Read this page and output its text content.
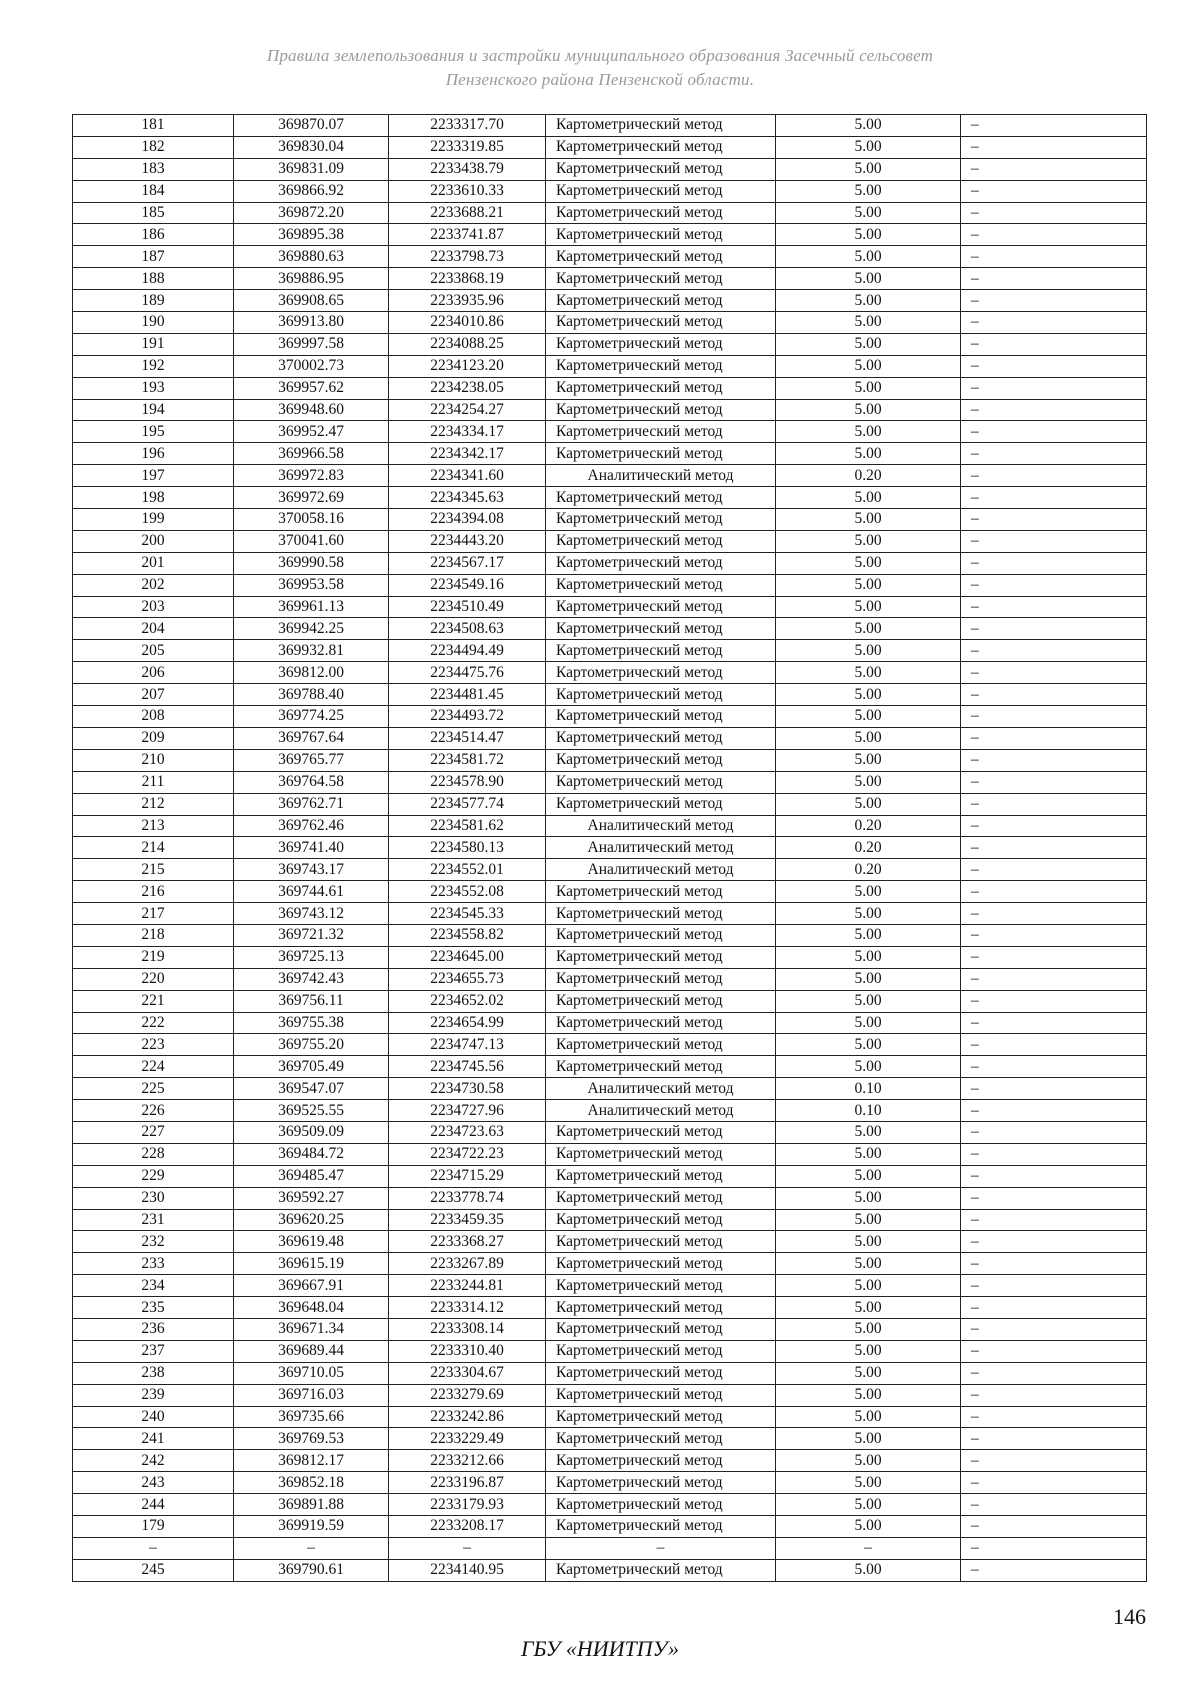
Правила землепользования и застройки муниципального образования Засечный сельсовет
Пензенского района Пензенской области.
181	369870.07	2233317.70	Картометрический метод	5.00	–
182	369830.04	2233319.85	Картометрический метод	5.00	–
183	369831.09	2233438.79	Картометрический метод	5.00	–
184	369866.92	2233610.33	Картометрический метод	5.00	–
185	369872.20	2233688.21	Картометрический метод	5.00	–
186	369895.38	2233741.87	Картометрический метод	5.00	–
187	369880.63	2233798.73	Картометрический метод	5.00	–
188	369886.95	2233868.19	Картометрический метод	5.00	–
189	369908.65	2233935.96	Картометрический метод	5.00	–
190	369913.80	2234010.86	Картометрический метод	5.00	–
191	369997.58	2234088.25	Картометрический метод	5.00	–
192	370002.73	2234123.20	Картометрический метод	5.00	–
193	369957.62	2234238.05	Картометрический метод	5.00	–
194	369948.60	2234254.27	Картометрический метод	5.00	–
195	369952.47	2234334.17	Картометрический метод	5.00	–
196	369966.58	2234342.17	Картометрический метод	5.00	–
197	369972.83	2234341.60	Аналитический метод	0.20	–
198	369972.69	2234345.63	Картометрический метод	5.00	–
199	370058.16	2234394.08	Картометрический метод	5.00	–
200	370041.60	2234443.20	Картометрический метод	5.00	–
201	369990.58	2234567.17	Картометрический метод	5.00	–
202	369953.58	2234549.16	Картометрический метод	5.00	–
203	369961.13	2234510.49	Картометрический метод	5.00	–
204	369942.25	2234508.63	Картометрический метод	5.00	–
205	369932.81	2234494.49	Картометрический метод	5.00	–
206	369812.00	2234475.76	Картометрический метод	5.00	–
207	369788.40	2234481.45	Картометрический метод	5.00	–
208	369774.25	2234493.72	Картометрический метод	5.00	–
209	369767.64	2234514.47	Картометрический метод	5.00	–
210	369765.77	2234581.72	Картометрический метод	5.00	–
211	369764.58	2234578.90	Картометрический метод	5.00	–
212	369762.71	2234577.74	Картометрический метод	5.00	–
213	369762.46	2234581.62	Аналитический метод	0.20	–
214	369741.40	2234580.13	Аналитический метод	0.20	–
215	369743.17	2234552.01	Аналитический метод	0.20	–
216	369744.61	2234552.08	Картометрический метод	5.00	–
217	369743.12	2234545.33	Картометрический метод	5.00	–
218	369721.32	2234558.82	Картометрический метод	5.00	–
219	369725.13	2234645.00	Картометрический метод	5.00	–
220	369742.43	2234655.73	Картометрический метод	5.00	–
221	369756.11	2234652.02	Картометрический метод	5.00	–
222	369755.38	2234654.99	Картометрический метод	5.00	–
223	369755.20	2234747.13	Картометрический метод	5.00	–
224	369705.49	2234745.56	Картометрический метод	5.00	–
225	369547.07	2234730.58	Аналитический метод	0.10	–
226	369525.55	2234727.96	Аналитический метод	0.10	–
227	369509.09	2234723.63	Картометрический метод	5.00	–
228	369484.72	2234722.23	Картометрический метод	5.00	–
229	369485.47	2234715.29	Картометрический метод	5.00	–
230	369592.27	2233778.74	Картометрический метод	5.00	–
231	369620.25	2233459.35	Картометрический метод	5.00	–
232	369619.48	2233368.27	Картометрический метод	5.00	–
233	369615.19	2233267.89	Картометрический метод	5.00	–
234	369667.91	2233244.81	Картометрический метод	5.00	–
235	369648.04	2233314.12	Картометрический метод	5.00	–
236	369671.34	2233308.14	Картометрический метод	5.00	–
237	369689.44	2233310.40	Картометрический метод	5.00	–
238	369710.05	2233304.67	Картометрический метод	5.00	–
239	369716.03	2233279.69	Картометрический метод	5.00	–
240	369735.66	2233242.86	Картометрический метод	5.00	–
241	369769.53	2233229.49	Картометрический метод	5.00	–
242	369812.17	2233212.66	Картометрический метод	5.00	–
243	369852.18	2233196.87	Картометрический метод	5.00	–
244	369891.88	2233179.93	Картометрический метод	5.00	–
179	369919.59	2233208.17	Картометрический метод	5.00	–
–	–	–	–	–	–
245	369790.61	2234140.95	Картометрический метод	5.00	–
146
ГБУ «НИИТПУ»
